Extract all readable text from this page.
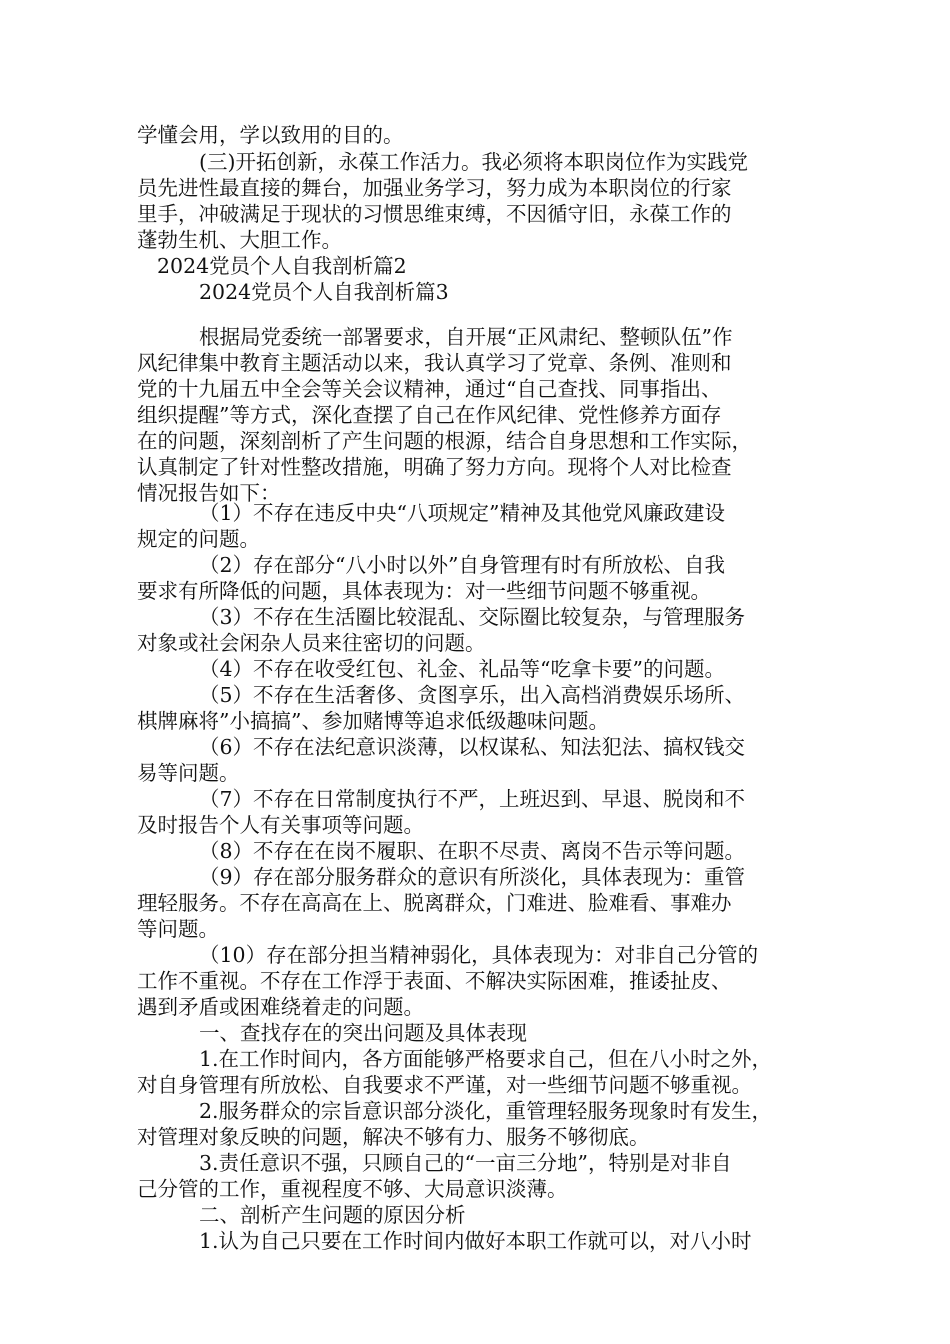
学懂会用，学以致用的目的。
(三)开拓创新，永葆工作活力。我必须将本职岗位作为实践党
员先进性最直接的舞台，加强业务学习，努力成为本职岗位的行家
里手，冲破满足于现状的习惯思维束缚，不因循守旧，永葆工作的
蓬勃生机、大胆工作。
2024党员个人自我剖析篇2
2024党员个人自我剖析篇3
根据局党委统一部署要求，自开展“正风肃纪、整顿队伍”作
风纪律集中教育主题活动以来，我认真学习了党章、条例、准则和
党的十九届五中全会等关会议精神，通过“自己查找、同事指出、
组织提醒”等方式，深化查摆了自己在作风纪律、党性修养方面存
在的问题，深刻剖析了产生问题的根源，结合自身思想和工作实际，
认真制定了针对性整改措施，明确了努力方向。现将个人对比检查
情况报告如下：
（1）不存在违反中央“八项规定”精神及其他党风廉政建设
规定的问题。
（2）存在部分“八小时以外”自身管理有时有所放松、自我
要求有所降低的问题，具体表现为：对一些细节问题不够重视。
（3）不存在生活圈比较混乱、交际圈比较复杂，与管理服务
对象或社会闲杂人员来往密切的问题。
（4）不存在收受红包、礼金、礼品等“吃拿卡要”的问题。
（5）不存在生活奢侈、贪图享乐，出入高档消费娱乐场所、
棋牌麻将”小搞搞”、参加赌博等追求低级趣味问题。
（6）不存在法纪意识淡薄，以权谋私、知法犯法、搞权钱交
易等问题。
（7）不存在日常制度执行不严，上班迟到、早退、脱岗和不
及时报告个人有关事项等问题。
（8）不存在在岗不履职、在职不尽责、离岗不告示等问题。
（9）存在部分服务群众的意识有所淡化，具体表现为：重管
理轻服务。不存在高高在上、脱离群众，门难进、脸难看、事难办
等问题。
（10）存在部分担当精神弱化，具体表现为：对非自己分管的
工作不重视。不存在工作浮于表面、不解决实际困难，推诿扯皮、
遇到矛盾或困难绕着走的问题。
一、查找存在的突出问题及具体表现
1.在工作时间内，各方面能够严格要求自己，但在八小时之外，
对自身管理有所放松、自我要求不严谨，对一些细节问题不够重视。
2.服务群众的宗旨意识部分淡化，重管理轻服务现象时有发生，
对管理对象反映的问题，解决不够有力、服务不够彻底。
3.责任意识不强，只顾自己的“一亩三分地”，特别是对非自
己分管的工作，重视程度不够、大局意识淡薄。
二、剖析产生问题的原因分析
1.认为自己只要在工作时间内做好本职工作就可以，对八小时
